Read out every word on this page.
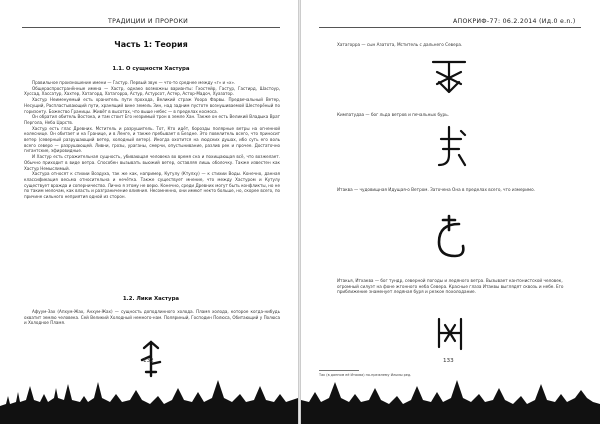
ТРАДИЦИИ И ПРОРОКИ
Часть 1: Теория
1.1. О сущности Хастура

Правильное произношение имени — Гастур. Первый звук — что-то среднее между «г» и «х».

Общераспространённые имена — Хастр, однако возможны варианты: Гхостейр, Гастур, Гастирд, Шастоур, Хуссад, Хассатур, Хахтер, Хатагорд, Хатагорра, Астур, Астурсот, Астер, Астор-Мадоч, Хуазатор.

Хастур Неименуемый есть хранитель пути прохода, Великий страж Уоора Фарвы. Предвечальный Ветер, Несущий, Распластывающий пути, хранящий вине земель Зин, над задним пустоте вознушиваемой Шестерёный по горизонту. Божество Границы. Живёт в высотах, что выше небес — в пределах космоса.

Он обратил обитель Востока, и там стоит Его незримый трон в земле Хан. Также он есть Великий Владыка Врат Пергола, Неба Царств.

Хастур есть глас Древних. Мститель и разрушитель. Тот, Кто идёт, борозды полярные ветры на огненной колеснице. Он обитает и на Границе, и в Ленге, и также пребывает в Бездне. Это повелитель всего, что приносит ветер (северный разрушающий ветер, холодный ветер). Иногда охотится на людских душах, ибо суть его воль всего северо — разрушающей. Ливни, грозы, ураганы, смерчи, опустынивание, разлив рек и прочее. Достаточно гигантские, эфировидные.

И Хастур есть стражительная сущность, убивающая человека во время сна и похищающая всё, что возжелает. Обычно приходит в виде ветра. Способен вызывать вьюжий ветер, оставляя лишь оболочку. Также известен как Хастур Немыслимый.

Хастура относят к стихии Воздуха, так же как, например, Кутулу (Ктулху) — к стихии Воды. Конечно, данная классификация весьма относительна и нечётка. Также существует мнение, что между Хастуром и Кутулу существует вражда и соперничество. Лично я этому не верю. Конечно, среди Древних могут быть конфликты, но не по таким мелочам, как власть и разграничение влияния. Несомненно, они имеют некто больше, но, скорее всего, по причине сильного неприятия одной из сторон.

1.2. Лики Хастура

Афуум-Зах (Апхум-Жах, Анхум-Жах) — сущность доподлинного холода. Пламя холода, которое когда-нибудь охватит землю человека. Сей Великий Холодный немного-нам. Поляриный, Господин Полюса, Обитающий у Полюса и Холодное Пламя.

132
АПОКРИФ-77: 06.2.2014 (Ид.0 e.n.)
Хатагорра — сын Азатота, Мститель с дальнего Севера.
Кимпатудаа — бог льда ветров и печальных бурь.
Итаква — чудовищная Идущая-о Ветром. Заточена Она в пределах всего, что измеримо.
Итакья, Итхаква — бог тундр, северной погоды и ледяного ветра. Вызывает кантонистской человек, огромный силуэт на фоне жгонного неба Севера. Красные глаза Итаквы выглядят сквозь и небе. Его приближение знаменует ледяная буря и резкое похолодание.
Так (в данном её Итаква) по-прежнему Ильмы ред.
133
